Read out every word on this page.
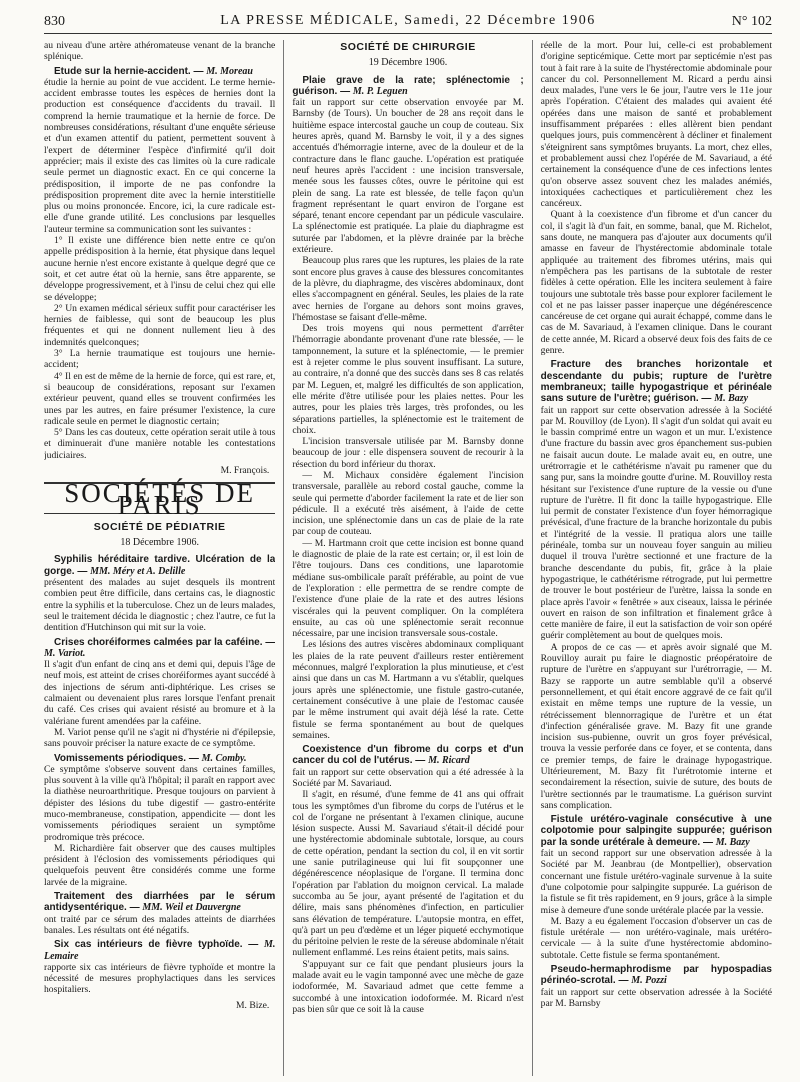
830	LA PRESSE MÉDICALE, Samedi, 22 Décembre 1906	N° 102

au niveau d'une artère athéromateuse venant de la branche splénique.

Etude sur la hernie-accident. — M. Moreau

étudie la hernie au point de vue accident. Le terme hernie-accident embrasse toutes les espèces de hernies dont la production est conséquence d'accidents du travail. Il comprend la hernie traumatique et la hernie de force. De nombreuses considérations, résultant d'une enquête sérieuse et d'un examen attentif du patient, permettent souvent à l'expert de déterminer l'espèce d'infirmité qu'il doit apprécier; mais il existe des cas limites où la cure radicale seule permet un diagnostic exact. En ce qui concerne la prédisposition, il importe de ne pas confondre la prédisposition proprement dite avec la hernie interstitielle plus ou moins prononcée. Encore, ici, la cure radicale est-elle d'une grande utilité. Les conclusions par lesquelles l'auteur termine sa communication sont les suivantes :

1° Il existe une différence bien nette entre ce qu'on appelle prédisposition à la hernie, état physique dans lequel aucune hernie n'est encore existante à quelque degré que ce soit, et cet autre état où la hernie, sans être apparente, se développe progressivement, et à l'insu de celui chez qui elle se développe;

2° Un examen médical sérieux suffit pour caractériser les hernies de faiblesse, qui sont de beaucoup les plus fréquentes et qui ne donnent nullement lieu à des indemnités quelconques;

3° La hernie traumatique est toujours une hernie-accident;

4° Il en est de même de la hernie de force, qui est rare, et, si beaucoup de considérations, reposant sur l'examen extérieur peuvent, quand elles se trouvent confirmées les unes par les autres, en faire présumer l'existence, la cure radicale seule en permet le diagnostic certain;

5° Dans les cas douteux, cette opération serait utile à tous et diminuerait d'une manière notable les contestations judiciaires.

M. François.
SOCIÉTÉS DE PARIS
SOCIÉTÉ DE PÉDIATRIE
18 Décembre 1906.
Syphilis héréditaire tardive. Ulcération de la gorge. — MM. Méry et A. Delille

présentent des malades au sujet desquels ils montrent combien peut être difficile, dans certains cas, le diagnostic entre la syphilis et la tuberculose. Chez un de leurs malades, seul le traitement décida le diagnostic ; chez l'autre, ce fut la dentition d'Hutchinson qui mit sur la voie.

Crises choréiformes calmées par la caféine. — M. Variot.

Il s'agit d'un enfant de cinq ans et demi qui, depuis l'âge de neuf mois, est atteint de crises choréiformes ayant succédé à des injections de sérum anti-diphtérique. Les crises se calmaient ou devenaient plus rares lorsque l'enfant prenait du café. Ces crises qui avaient résisté au bromure et à la valériane furent amendées par la caféine.

M. Variot pense qu'il ne s'agit ni d'hystérie ni d'épilepsie, sans pouvoir préciser la nature exacte de ce symptôme.

Vomissements périodiques. — M. Comby.

Ce symptôme s'observe souvent dans certaines familles, plus souvent à la ville qu'à l'hôpital; il paraît en rapport avec la diathèse neuroarthritique. Presque toujours on parvient à dépister des lésions du tube digestif — gastro-entérite muco-membraneuse, constipation, appendicite — dont les vomissements périodiques seraient un symptôme prodromique très précoce.

M. Richardière fait observer que des causes multiples président à l'éclosion des vomissements périodiques qui quelquefois peuvent être considérés comme une forme larvée de la migraine.

Traitement des diarrhées par le sérum antidysentérique. — MM. Weil et Dauvergne

ont traité par ce sérum des malades atteints de diarrhées banales. Les résultats ont été négatifs.

Six cas intérieurs de fièvre typhoïde. — M. Lemaire

rapporte six cas intérieurs de fièvre typhoïde et montre la nécessité de mesures prophylactiques dans les services hospitaliers.

M. Bize.
SOCIÉTÉ DE CHIRURGIE
19 Décembre 1906.
Plaie grave de la rate; splénectomie ; guérison. — M. P. Leguen

fait un rapport sur cette observation envoyée par M. Barnsby (de Tours). Un boucher de 28 ans reçoit dans le huitième espace intercostal gauche un coup de couteau. Six heures après, quand M. Barnsby le voit, il y a des signes accentués d'hémorragie interne, avec de la douleur et de la contracture dans le flanc gauche. L'opération est pratiquée neuf heures après l'accident : une incision transversale, menée sous les fausses côtes, ouvre le péritoine qui est plein de sang. La rate est blessée, de telle façon qu'un fragment représentant le quart environ de l'organe est séparé, tenant encore cependant par un pédicule vasculaire. La splénectomie est pratiquée. La plaie du diaphragme est suturée par l'abdomen, et la plèvre drainée par la brèche extérieure.

Beaucoup plus rares que les ruptures, les plaies de la rate sont encore plus graves à cause des blessures concomitantes de la plèvre, du diaphragme, des viscères abdominaux, dont elles s'accompagnent en général. Seules, les plaies de la rate avec hernies de l'organe au dehors sont moins graves, l'hémostase se faisant d'elle-même.

Des trois moyens qui nous permettent d'arrêter l'hémorragie abondante provenant d'une rate blessée, — le tamponnement, la suture et la splénectomie, — le premier est à rejeter comme le plus souvent insuffisant. La suture, au contraire, n'a donné que des succès dans ses 8 cas relatés par M. Leguen, et, malgré les difficultés de son application, elle mérite d'être utilisée pour les plaies nettes. Pour les autres, pour les plaies très larges, très profondes, ou les séparations partielles, la splénectomie est le traitement de choix.

L'incision transversale utilisée par M. Barnsby donne beaucoup de jour : elle dispensera souvent de recourir à la résection du bord inférieur du thorax.

— M. Michaux considère également l'incision transversale, parallèle au rebord costal gauche, comme la seule qui permette d'aborder facilement la rate et de lier son pédicule. Il a exécuté très aisément, à l'aide de cette incision, une splénectomie dans un cas de plaie de la rate par coup de couteau.

— M. Hartmann croit que cette incision est bonne quand le diagnostic de plaie de la rate est certain; or, il est loin de l'être toujours. Dans ces conditions, une laparotomie médiane sus-ombilicale paraît préférable, au point de vue de l'exploration : elle permettra de se rendre compte de l'existence d'une plaie de la rate et des autres lésions viscérales qui la peuvent compliquer. On la complétera ensuite, au cas où une splénectomie serait reconnue nécessaire, par une incision transversale sous-costale.

Les lésions des autres viscères abdominaux compliquant les plaies de la rate peuvent d'ailleurs rester entièrement méconnues, malgré l'exploration la plus minutieuse, et c'est ainsi que dans un cas M. Hartmann a vu s'établir, quelques jours après une splénectomie, une fistule gastro-cutanée, certainement consécutive à une plaie de l'estomac causée par le même instrument qui avait déjà lésé la rate. Cette fistule se ferma spontanément au bout de quelques semaines.

Coexistence d'un fibrome du corps et d'un cancer du col de l'utérus. — M. Ricard

fait un rapport sur cette observation qui a été adressée à la Société par M. Savariaud.

Il s'agit, en résumé, d'une femme de 41 ans qui offrait tous les symptômes d'un fibrome du corps de l'utérus et le col de l'organe ne présentant à l'examen clinique, aucune lésion suspecte. Aussi M. Savariaud s'était-il décidé pour une hystérectomie abdominale subtotale, lorsque, au cours de cette opération, pendant la section du col, il en vit sortir une sanie putrilagineuse qui lui fit soupçonner une dégénérescence néoplasique de l'organe. Il termina donc l'opération par l'ablation du moignon cervical. La malade succomba au 5e jour, ayant présenté de l'agitation et du délire, mais sans phénomènes d'infection, en particulier sans élévation de température. L'autopsie montra, en effet, qu'à part un peu d'œdème et un léger piqueté ecchymotique du péritoine pelvien le reste de la séreuse abdominale n'était nullement enflammé. Les reins étaient petits, mais sains.

S'appuyant sur ce fait que pendant plusieurs jours la malade avait eu le vagin tamponné avec une mèche de gaze iodoformée, M. Savariaud admet que cette femme a succombé à une intoxication iodoformée. M. Ricard n'est pas bien sûr que ce soit là la cause

réelle de la mort. Pour lui, celle-ci est probablement d'origine septicémique. Cette mort par septicémie n'est pas tout à fait rare à la suite de l'hystérectomie abdominale pour cancer du col. Personnellement M. Ricard a perdu ainsi deux malades, l'une vers le 6e jour, l'autre vers le 11e jour après l'opération. C'étaient des malades qui avaient été opérées dans une maison de santé et probablement insuffisamment préparées : elles allèrent bien pendant quelques jours, puis commencèrent à décliner et finalement s'éteignirent sans symptômes bruyants. La mort, chez elles, et probablement aussi chez l'opérée de M. Savariaud, a été certainement la conséquence d'une de ces infections lentes qu'on observe assez souvent chez les malades anémiés, intoxiquées cachectiques et particulièrement chez les cancéreux.

Quant à la coexistence d'un fibrome et d'un cancer du col, il s'agit là d'un fait, en somme, banal, que M. Richelot, sans doute, ne manquera pas d'ajouter aux documents qu'il amasse en faveur de l'hystérectomie abdominale totale appliquée au traitement des fibromes utérins, mais qui n'empêchera pas les partisans de la subtotale de rester fidèles à cette opération. Elle les incitera seulement à faire toujours une subtotale très basse pour explorer facilement le col et ne pas laisser passer inaperçue une dégénérescence cancéreuse de cet organe qui aurait échappé, comme dans le cas de M. Savariaud, à l'examen clinique. Dans le courant de cette année, M. Ricard a observé deux fois des faits de ce genre.

Fracture des branches horizontale et descendante du pubis; rupture de l'urètre membraneux; taille hypogastrique et périnéale sans suture de l'urètre; guérison. — M. Bazy

fait un rapport sur cette observation adressée à la Société par M. Rouvilloy (de Lyon). Il s'agit d'un soldat qui avait eu le bassin comprimé entre un wagon et un mur. L'existence d'une fracture du bassin avec gros épanchement sus-pubien ne faisait aucun doute. Le malade avait eu, en outre, une urétrorragie et le cathétérisme n'avait pu ramener que du sang pur, sans la moindre goutte d'urine. M. Rouvilloy resta hésitant sur l'existence d'une rupture de la vessie ou d'une rupture de l'urètre. Il fit donc la taille hypogastrique. Elle lui permit de constater l'existence d'un foyer hémorragique prévésical, d'une fracture de la branche horizontale du pubis et l'intégrité de la vessie. Il pratiqua alors une taille périnéale, tomba sur un nouveau foyer sanguin au milieu duquel il trouva l'urètre sectionné et une fracture de la branche descendante du pubis, fit, grâce à la plaie hypogastrique, le cathétérisme rétrograde, put lui permettre de trouver le bout postérieur de l'urètre, laissa la sonde en place après l'avoir « fenêtrée » aux ciseaux, laissa le périnée ouvert en raison de son infiltration et finalement grâce à cette manière de faire, il eut la satisfaction de voir son opéré guérir complètement au bout de quelques mois.

A propos de ce cas — et après avoir signalé que M. Rouvilloy aurait pu faire le diagnostic préopératoire de rupture de l'urètre en s'appuyant sur l'urétrorragie, — M. Bazy se rapporte un autre semblable qu'il a observé personnellement, et qui était encore aggravé de ce fait qu'il existait en même temps une rupture de la vessie, un rétrécissement blennorragique de l'urètre et un état d'infection généralisée grave. M. Bazy fit une grande incision sus-pubienne, ouvrit un gros foyer prévésical, trouva la vessie perforée dans ce foyer, et se contenta, dans ce premier temps, de faire le drainage hypogastrique. Ultérieurement, M. Bazy fit l'urétrotomie interne et secondairement la résection, suivie de suture, des bouts de l'urètre sectionnés par le traumatisme. La guérison survint sans complication.

Fistule urétéro-vaginale consécutive à une colpotomie pour salpingite suppurée; guérison par la sonde urétérale à demeure. — M. Bazy

fait un second rapport sur une observation adressée à la Société par M. Jeanbrau (de Montpellier), observation concernant une fistule urétéro-vaginale survenue à la suite d'une colpotomie pour salpingite suppurée. La guérison de la fistule se fit très rapidement, en 9 jours, grâce à la simple mise à demeure d'une sonde urétérale placée par la vessie.

M. Bazy a eu également l'occasion d'observer un cas de fistule urétérale — non urétéro-vaginale, mais urétéro-cervicale — à la suite d'une hystérectomie abdomino-subtotale. Cette fistule se ferma spontanément.

Pseudo-hermaphrodisme par hypospadias périnéo-scrotal. — M. Pozzi

fait un rapport sur cette observation adressée à la Société par M. Barnsby
